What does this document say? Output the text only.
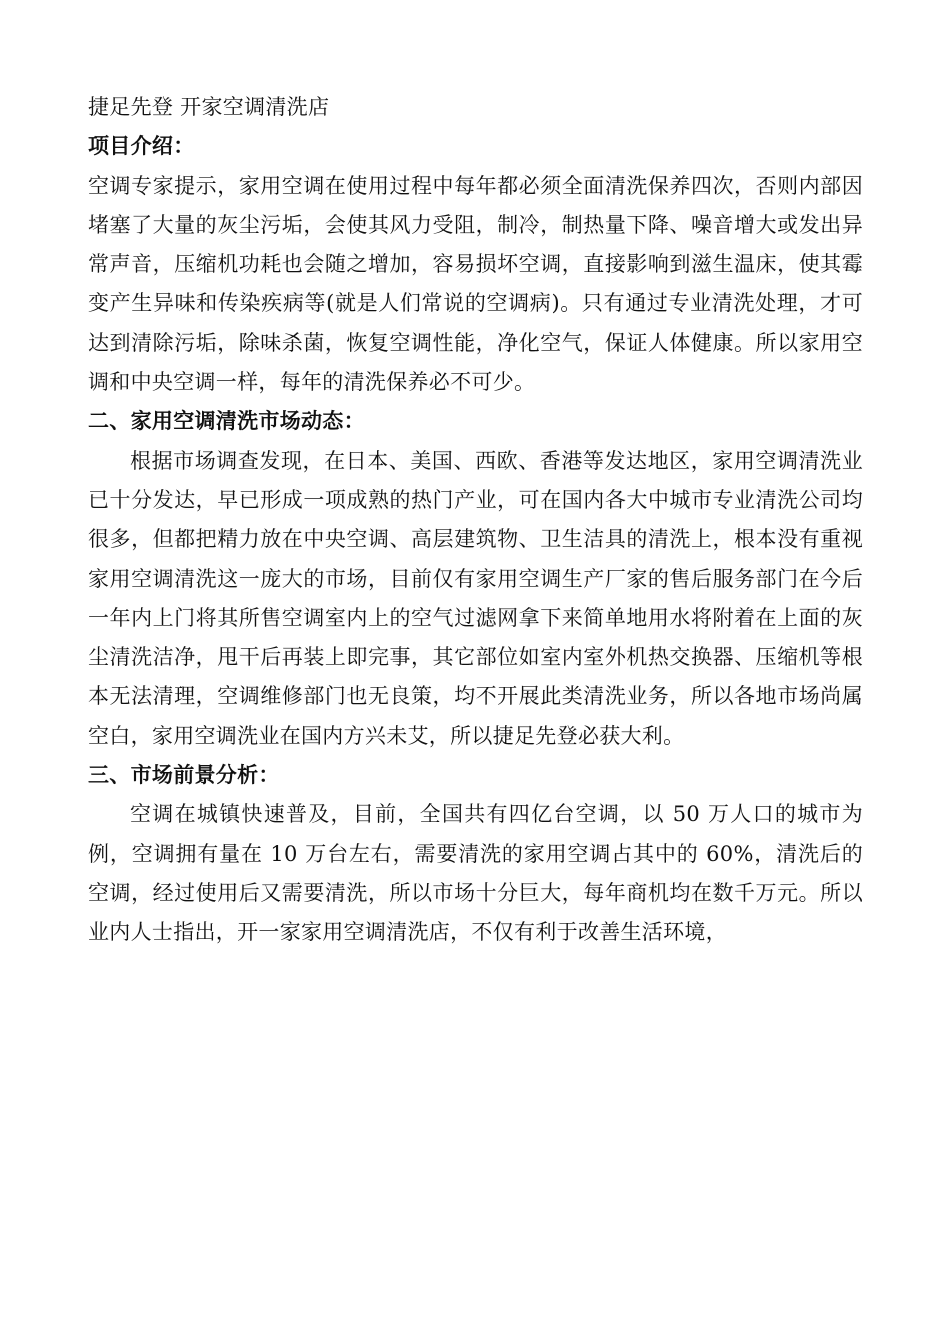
捷足先登 开家空调清洗店

项目介绍：

空调专家提示，家用空调在使用过程中每年都必须全面清洗保养四次，否则内部因堵塞了大量的灰尘污垢，会使其风力受阻，制冷，制热量下降、噪音增大或发出异常声音，压缩机功耗也会随之增加，容易损坏空调，直接影响到滋生温床，使其霉变产生异味和传染疾病等(就是人们常说的空调病)。只有通过专业清洗处理，才可达到清除污垢，除味杀菌，恢复空调性能，净化空气，保证人体健康。所以家用空调和中央空调一样，每年的清洗保养必不可少。

二、家用空调清洗市场动态：

根据市场调查发现，在日本、美国、西欧、香港等发达地区，家用空调清洗业已十分发达，早已形成一项成熟的热门产业，可在国内各大中城市专业清洗公司均很多，但都把精力放在中央空调、高层建筑物、卫生洁具的清洗上，根本没有重视家用空调清洗这一庞大的市场，目前仅有家用空调生产厂家的售后服务部门在今后一年内上门将其所售空调室内上的空气过滤网拿下来简单地用水将附着在上面的灰尘清洗洁净，甩干后再装上即完事，其它部位如室内室外机热交换器、压缩机等根本无法清理，空调维修部门也无良策，均不开展此类清洗业务，所以各地市场尚属空白，家用空调洗业在国内方兴未艾，所以捷足先登必获大利。

三、市场前景分析：

空调在城镇快速普及，目前，全国共有四亿台空调，以 50 万人口的城市为例，空调拥有量在 10 万台左右，需要清洗的家用空调占其中的 60%，清洗后的空调，经过使用后又需要清洗，所以市场十分巨大，每年商机均在数千万元。所以业内人士指出，开一家家用空调清洗店，不仅有利于改善生活环境，
